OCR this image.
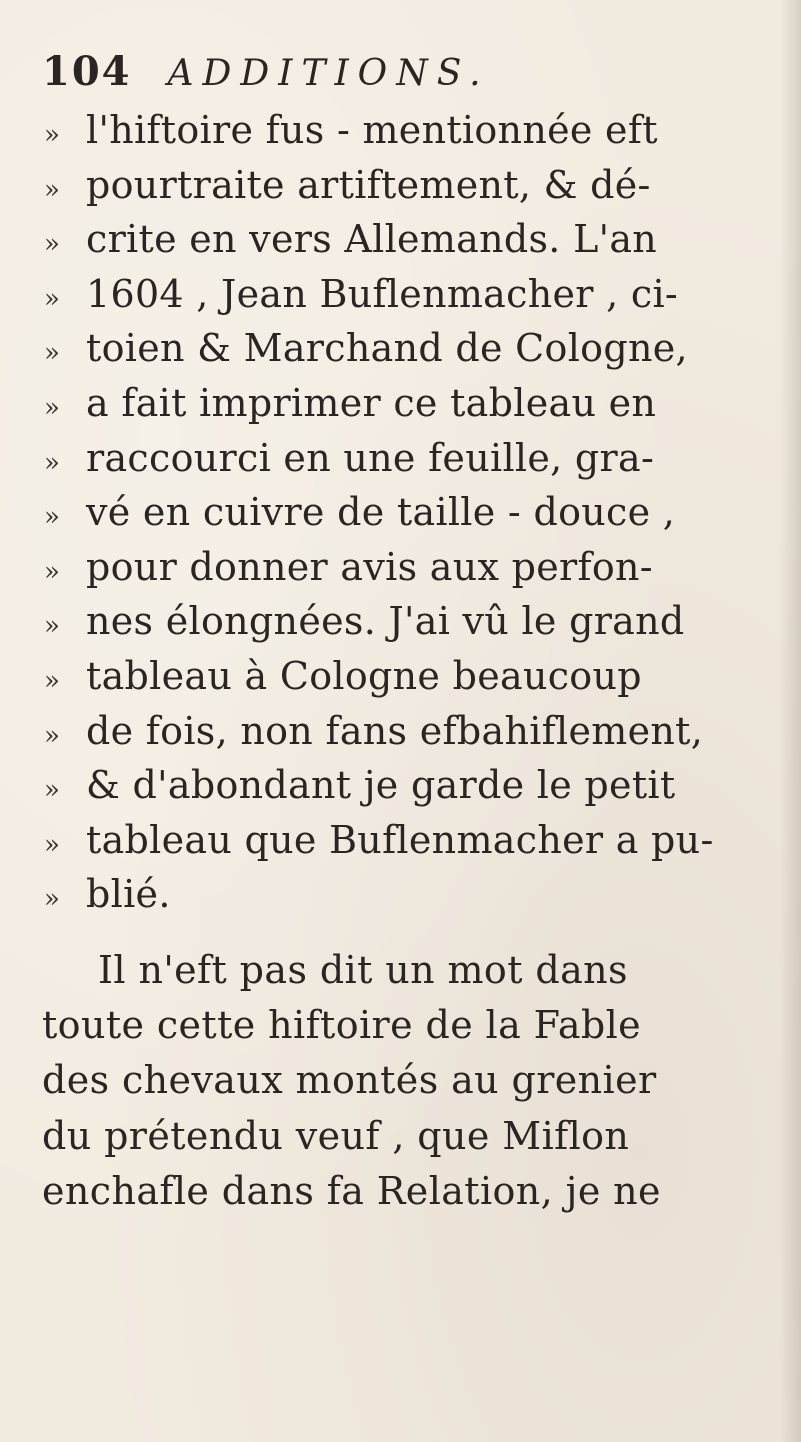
104 ADDITIONS.
» l'hiftoire fus - mentionnée eft
» pourtraite artiftement, & dé-
» crite en vers Allemands. L'an
» 1604 , Jean Buflenmacher , ci-
» toien & Marchand de Cologne,
» a fait imprimer ce tableau en
» raccourci en une feuille, gra-
» vé en cuivre de taille - douce ,
» pour donner avis aux perfon-
» nes élongnées. J'ai vû le grand
» tableau à Cologne beaucoup
» de fois, non fans efbahiflement,
» & d'abondant je garde le petit
» tableau que Buflenmacher a pu-
» blié.
Il n'eft pas dit un mot dans
toute cette hiftoire de la Fable
des chevaux montés au grenier
du prétendu veuf , que Miflon
enchafle dans fa Relation, je ne
